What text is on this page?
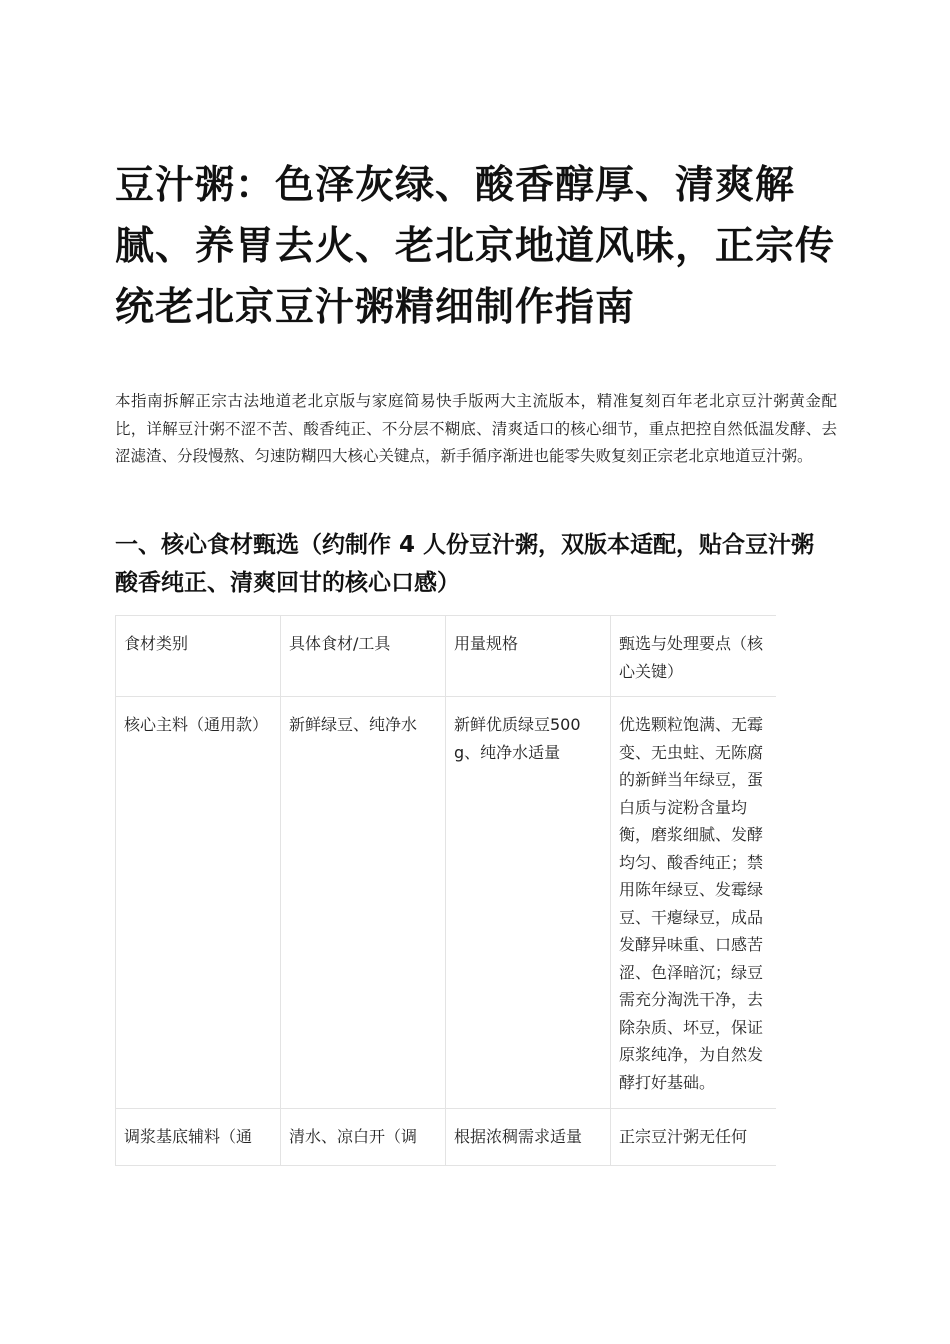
豆汁粥：色泽灰绿、酸香醇厚、清爽解腻、养胃去火、老北京地道风味，正宗传统老北京豆汁粥精细制作指南

本指南拆解正宗古法地道老北京版与家庭简易快手版两大主流版本，精准复刻百年老北京豆汁粥黄金配比，详解豆汁粥不涩不苦、酸香纯正、不分层不糊底、清爽适口的核心细节，重点把控自然低温发酵、去涩滤渣、分段慢熬、匀速防糊四大核心关键点，新手循序渐进也能零失败复刻正宗老北京地道豆汁粥。

一、核心食材甄选（约制作 4 人份豆汁粥，双版本适配，贴合豆汁粥酸香纯正、清爽回甘的核心口感）
食材类别	具体食材/工具	用量规格	甄选与处理要点（核心关键）
核心主料（通用款）	新鲜绿豆、纯净水	新鲜优质绿豆500g、纯净水适量	优选颗粒饱满、无霉变、无虫蛀、无陈腐的新鲜当年绿豆，蛋白质与淀粉含量均衡，磨浆细腻、发酵均匀、酸香纯正；禁用陈年绿豆、发霉绿豆、干瘪绿豆，成品发酵异味重、口感苦涩、色泽暗沉；绿豆需充分淘洗干净，去除杂质、坏豆，保证原浆纯净，为自然发酵打好基础。
调浆基底辅料（通	清水、凉白开（调	根据浓稠需求适量	正宗豆汁粥无任何
